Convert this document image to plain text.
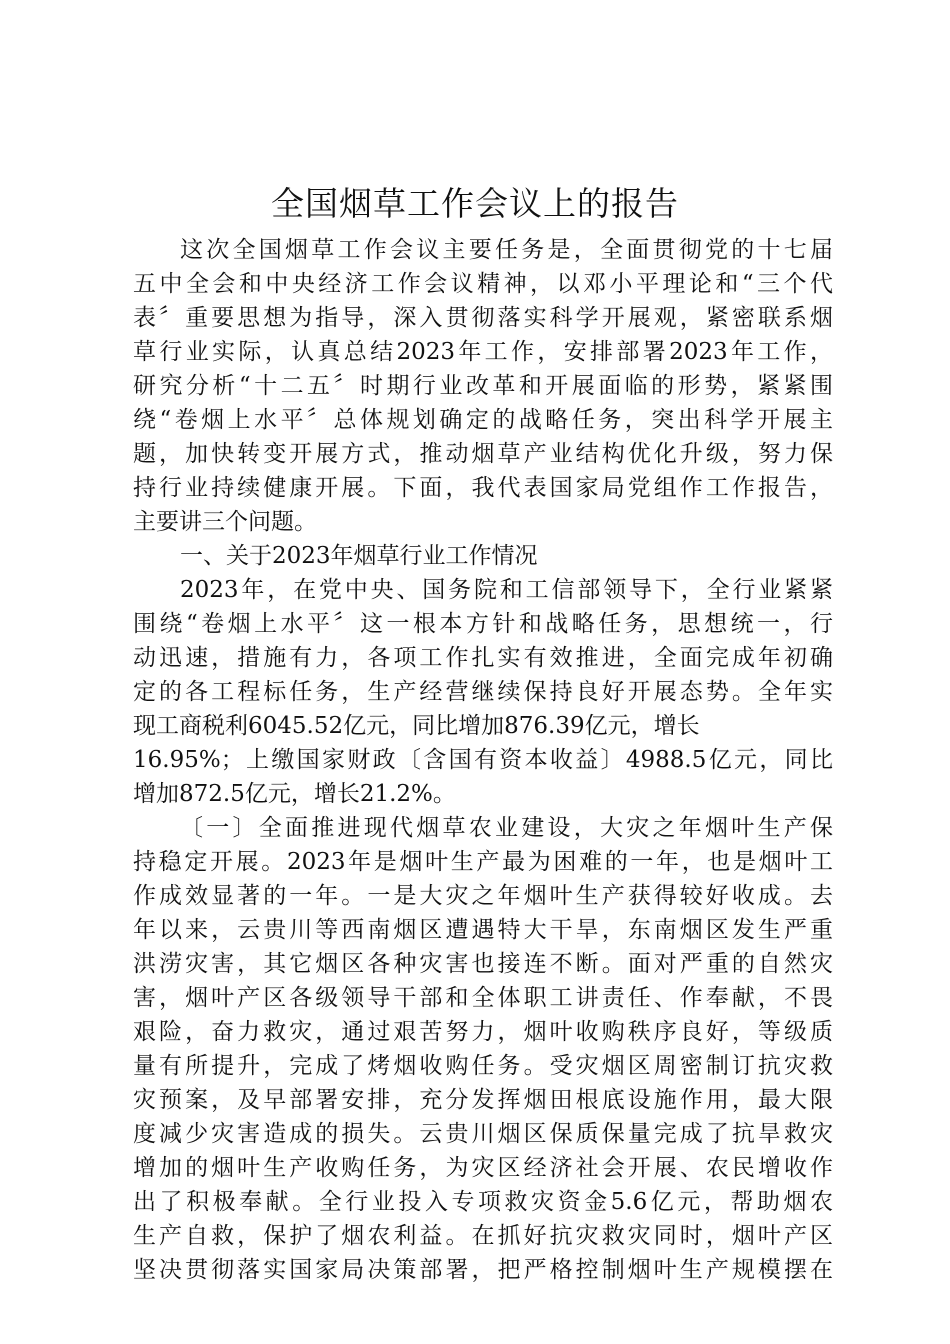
全国烟草工作会议上的报告
这次全国烟草工作会议主要任务是，全面贯彻党的十七届
五中全会和中央经济工作会议精神，以邓小平理论和“三个代
表〞重要思想为指导，深入贯彻落实科学开展观，紧密联系烟
草行业实际，认真总结2023年工作，安排部署2023年工作，
研究分析“十二五〞时期行业改革和开展面临的形势，紧紧围
绕“卷烟上水平〞总体规划确定的战略任务，突出科学开展主
题，加快转变开展方式，推动烟草产业结构优化升级，努力保
持行业持续健康开展。下面，我代表国家局党组作工作报告，
主要讲三个问题。
一、关于2023年烟草行业工作情况
2023年，在党中央、国务院和工信部领导下，全行业紧紧
围绕“卷烟上水平〞这一根本方针和战略任务，思想统一，行
动迅速，措施有力，各项工作扎实有效推进，全面完成年初确
定的各工程标任务，生产经营继续保持良好开展态势。全年实
现工商税利6045.52亿元，同比增加876.39亿元，增长
16.95%；上缴国家财政〔含国有资本收益〕4988.5亿元，同比
增加872.5亿元，增长21.2%。
〔一〕全面推进现代烟草农业建设，大灾之年烟叶生产保
持稳定开展。2023年是烟叶生产最为困难的一年，也是烟叶工
作成效显著的一年。一是大灾之年烟叶生产获得较好收成。去
年以来，云贵川等西南烟区遭遇特大干旱，东南烟区发生严重
洪涝灾害，其它烟区各种灾害也接连不断。面对严重的自然灾
害，烟叶产区各级领导干部和全体职工讲责任、作奉献，不畏
艰险，奋力救灾，通过艰苦努力，烟叶收购秩序良好，等级质
量有所提升，完成了烤烟收购任务。受灾烟区周密制订抗灾救
灾预案，及早部署安排，充分发挥烟田根底设施作用，最大限
度减少灾害造成的损失。云贵川烟区保质保量完成了抗旱救灾
增加的烟叶生产收购任务，为灾区经济社会开展、农民增收作
出了积极奉献。全行业投入专项救灾资金5.6亿元，帮助烟农
生产自救，保护了烟农利益。在抓好抗灾救灾同时，烟叶产区
坚决贯彻落实国家局决策部署，把严格控制烟叶生产规模摆在
